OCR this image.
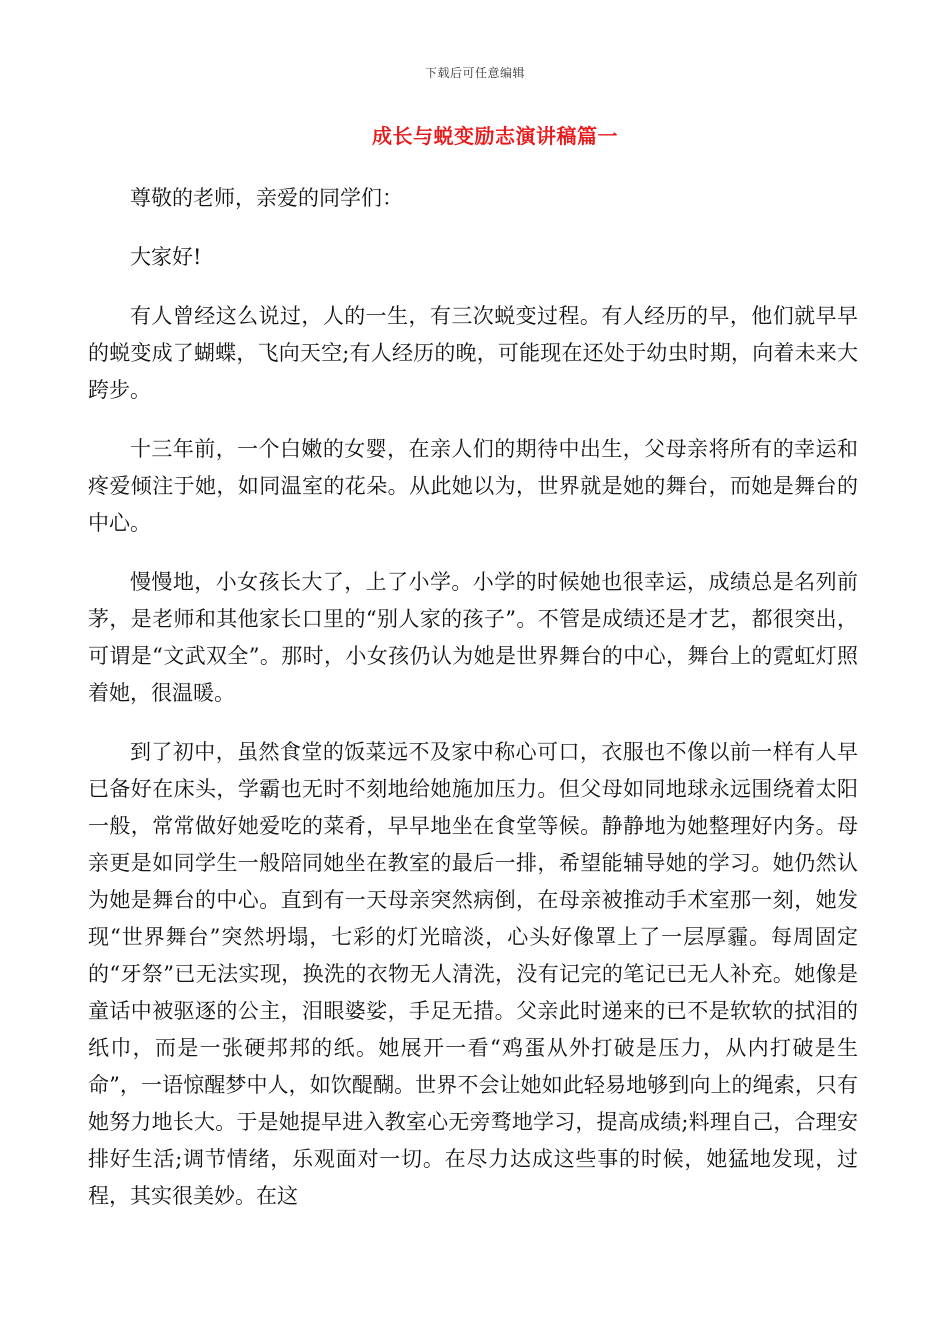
下载后可任意编辑
成长与蜕变励志演讲稿篇一

尊敬的老师，亲爱的同学们：

大家好!

有人曾经这么说过，人的一生，有三次蜕变过程。有人经历的早，他们就早早的蜕变成了蝴蝶，飞向天空;有人经历的晚，可能现在还处于幼虫时期，向着未来大跨步。

十三年前，一个白嫩的女婴，在亲人们的期待中出生，父母亲将所有的幸运和疼爱倾注于她，如同温室的花朵。从此她以为，世界就是她的舞台，而她是舞台的中心。

慢慢地，小女孩长大了，上了小学。小学的时候她也很幸运，成绩总是名列前茅，是老师和其他家长口里的“别人家的孩子”。不管是成绩还是才艺，都很突出，可谓是“文武双全”。那时，小女孩仍认为她是世界舞台的中心，舞台上的霓虹灯照着她，很温暖。

到了初中，虽然食堂的饭菜远不及家中称心可口，衣服也不像以前一样有人早已备好在床头，学霸也无时不刻地给她施加压力。但父母如同地球永远围绕着太阳一般，常常做好她爱吃的菜肴，早早地坐在食堂等候。静静地为她整理好内务。母亲更是如同学生一般陪同她坐在教室的最后一排，希望能辅导她的学习。她仍然认为她是舞台的中心。直到有一天母亲突然病倒，在母亲被推动手术室那一刻，她发现“世界舞台”突然坍塌，七彩的灯光暗淡，心头好像罩上了一层厚霾。每周固定的“牙祭”已无法实现，换洗的衣物无人清洗，没有记完的笔记已无人补充。她像是童话中被驱逐的公主，泪眼婆娑，手足无措。父亲此时递来的已不是软软的拭泪的纸巾，而是一张硬邦邦的纸。她展开一看“鸡蛋从外打破是压力，从内打破是生命”，一语惊醒梦中人，如饮醍醐。世界不会让她如此轻易地够到向上的绳索，只有她努力地长大。于是她提早进入教室心无旁骛地学习，提高成绩;料理自己，合理安排好生活;调节情绪，乐观面对一切。在尽力达成这些事的时候，她猛地发现，过程，其实很美妙。在这
